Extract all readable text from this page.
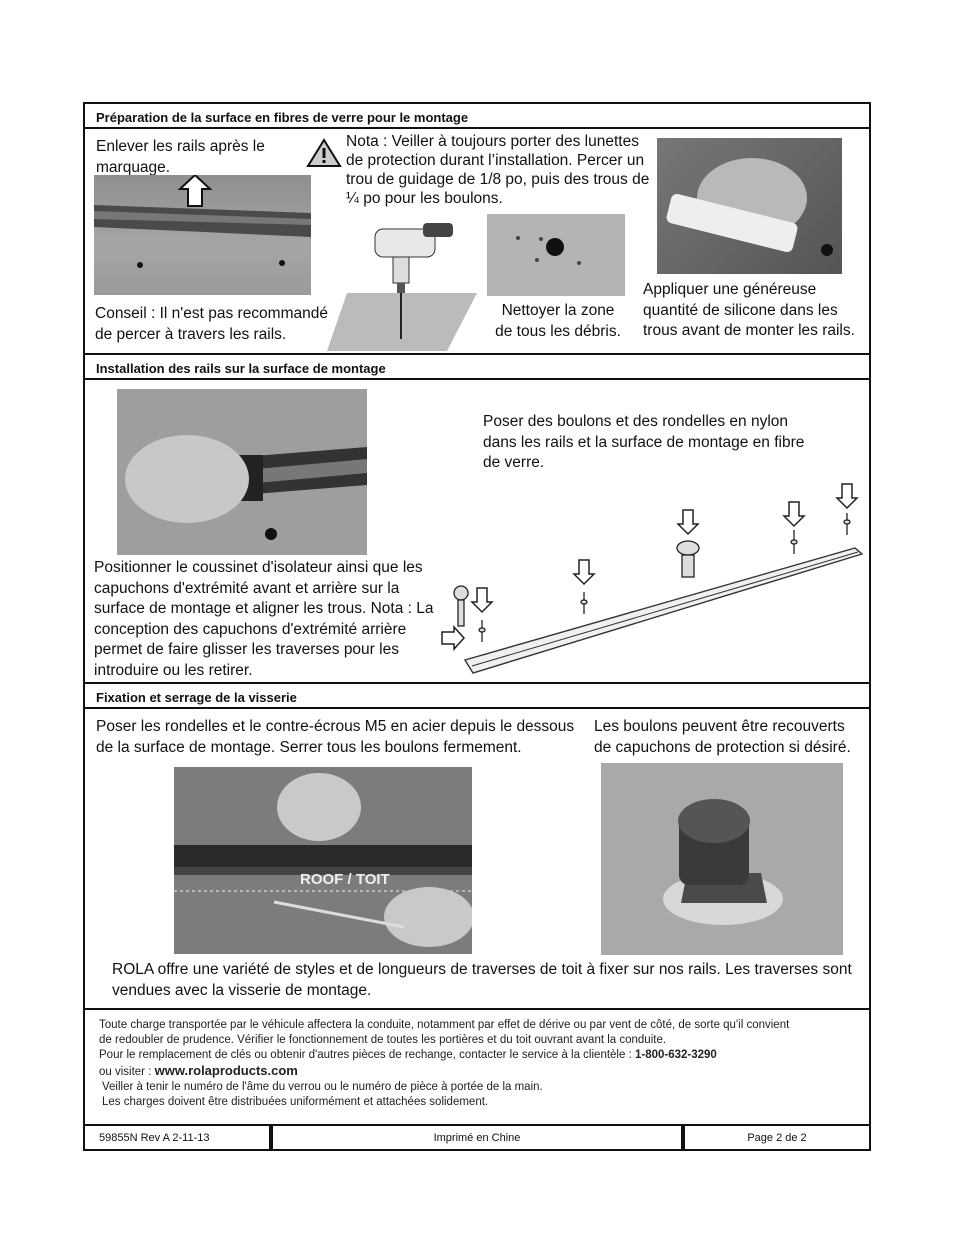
Préparation de la surface en fibres de verre pour le montage
Enlever les rails après le marquage.
Nota : Veiller à toujours porter des lunettes de protection durant l’installation. Percer un trou de guidage de 1/8 po, puis des trous de ¼ po pour les boulons.
Nettoyer la zone de tous les débris.
Conseil : Il n'est pas recommandé de percer à travers les rails.
Appliquer une généreuse quantité de silicone dans les trous avant de monter les rails.
Installation des rails sur la surface de montage
Poser des boulons et des rondelles en nylon dans les rails et la surface de montage en fibre de verre.
Positionner le coussinet d'isolateur ainsi que les capuchons d'extrémité avant et arrière sur la surface de montage et aligner les trous. Nota : La conception des capuchons d'extrémité arrière permet de faire glisser les traverses pour les introduire ou les retirer.
Fixation et serrage de la visserie
Poser les rondelles et le contre-écrous M5 en acier depuis le dessous de la surface de montage. Serrer tous les boulons fermement.
Les boulons peuvent être recouverts de capuchons de protection si désiré.
ROOF / TOIT
ROLA offre une variété de styles et de longueurs de traverses de toit à fixer sur nos rails. Les traverses sont vendues avec la visserie de montage.
Toute charge transportée par le véhicule affectera la conduite, notamment par effet de dérive ou par vent de côté, de sorte qu'il convient
de redoubler de prudence. Vérifier le fonctionnement de toutes les portières et du toit ouvrant avant la conduite.
Pour le remplacement de clés ou obtenir d'autres pièces de rechange, contacter le service à la clientèle : 1-800-632-3290
ou visiter : www.rolaproducts.com
Veiller à tenir le numéro de l'âme du verrou ou le numéro de pièce à portée de la main.
Les charges doivent être distribuées uniformément et attachées solidement.
59855N Rev A 2-11-13	Imprimé en Chine	Page 2 de 2
